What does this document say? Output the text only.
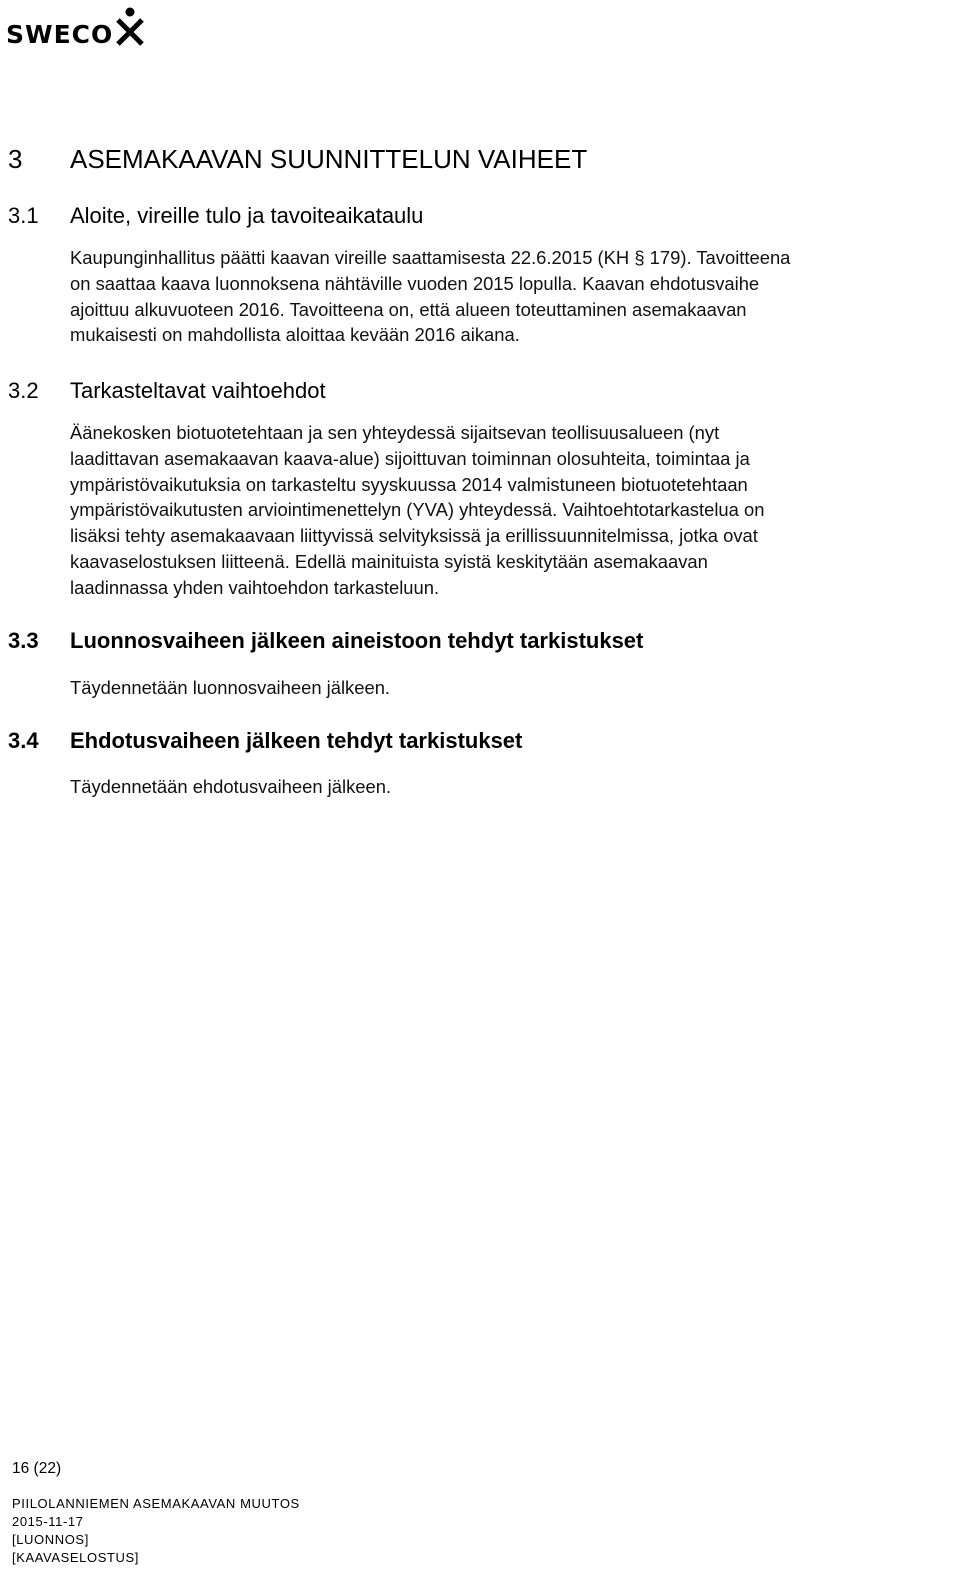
SWECO
3 ASEMAKAAVAN SUUNNITTELUN VAIHEET
3.1 Aloite, vireille tulo ja tavoiteaikataulu
Kaupunginhallitus päätti kaavan vireille saattamisesta 22.6.2015 (KH § 179). Tavoitteena
on saattaa kaava luonnoksena nähtäville vuoden 2015 lopulla. Kaavan ehdotusvaihe
ajoittuu alkuvuoteen 2016. Tavoitteena on, että alueen toteuttaminen asemakaavan
mukaisesti on mahdollista aloittaa kevään 2016 aikana.
3.2 Tarkasteltavat vaihtoehdot
Äänekosken biotuotetehtaan ja sen yhteydessä sijaitsevan teollisuusalueen (nyt
laadittavan asemakaavan kaava-alue) sijoittuvan toiminnan olosuhteita, toimintaa ja
ympäristövaikutuksia on tarkasteltu syyskuussa 2014 valmistuneen biotuotetehtaan
ympäristövaikutusten arviointimenettelyn (YVA) yhteydessä. Vaihtoehtotarkastelua on
lisäksi tehty asemakaavaan liittyvissä selvityksissä ja erillissuunnitelmissa, jotka ovat
kaavaselostuksen liitteenä. Edellä mainituista syistä keskitytään asemakaavan
laadinnassa yhden vaihtoehdon tarkasteluun.
3.3 Luonnosvaiheen jälkeen aineistoon tehdyt tarkistukset
Täydennetään luonnosvaiheen jälkeen.
3.4 Ehdotusvaiheen jälkeen tehdyt tarkistukset
Täydennetään ehdotusvaiheen jälkeen.
16 (22)
PIILOLANNIEMEN ASEMAKAAVAN MUUTOS
2015-11-17
[LUONNOS]
[KAAVASELOSTUS]
